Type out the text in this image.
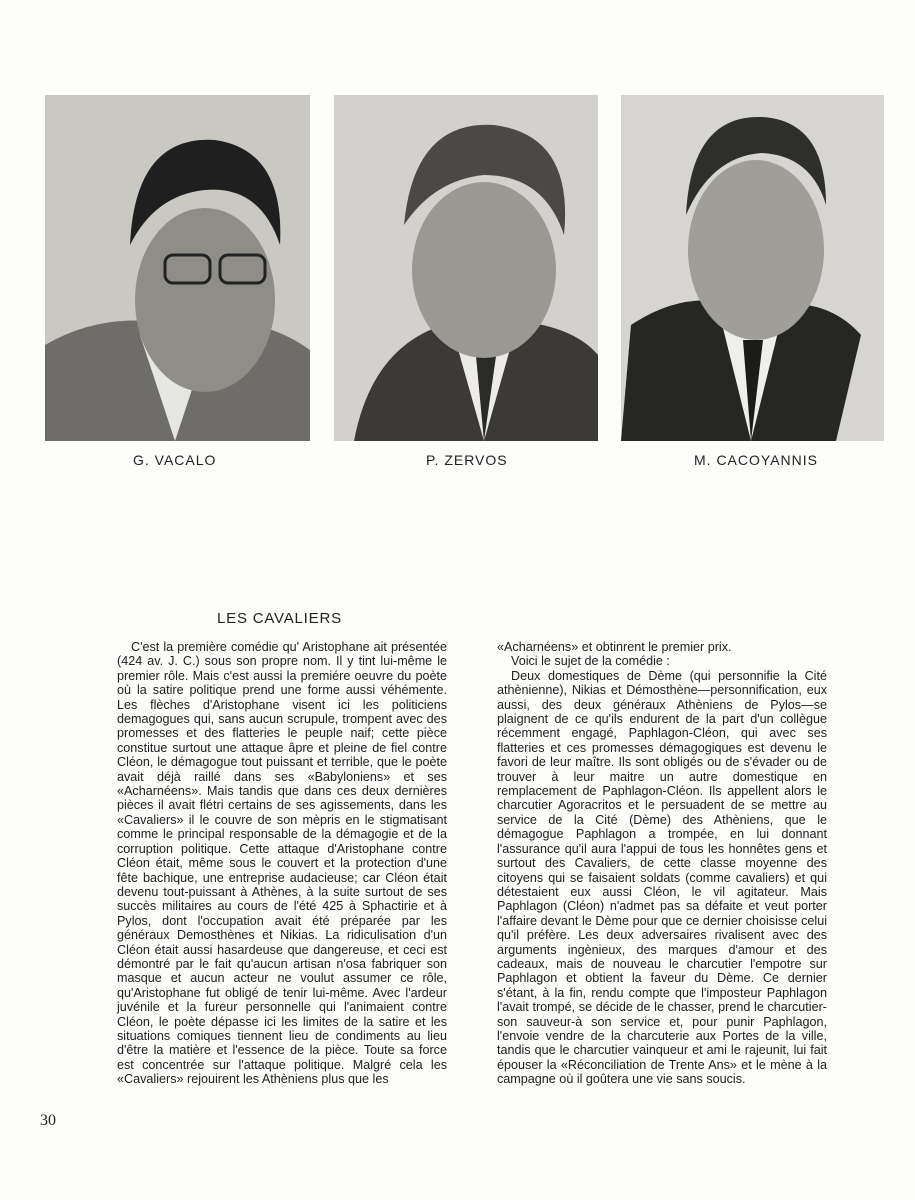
G. VACALO	P. ZERVOS	M. CACOYANNIS
LES CAVALIERS

C'est la première comédie qu' Aristophane ait présentée (424 av. J. C.) sous son propre nom. Il y tint lui-même le premier rôle. Mais c'est aussi la premiére oeuvre du poète où la satire politique prend une forme aussi véhémente. Les flèches d'Aristophane visent ici les politiciens demagogues qui, sans aucun scrupule, trompent avec des promesses et des flatteries le peuple naif; cette pièce constitue surtout une attaque âpre et pleine de fiel contre Cléon, le démagogue tout puissant et terrible, que le poète avait déjà raillé dans ses «Babyloniens» et ses «Acharnéens». Mais tandis que dans ces deux dernières pièces il avait flétri certains de ses agissements, dans les «Cavaliers» il le couvre de son mèpris en le stigmatisant comme le principal responsable de la démagogie et de la corruption politique. Cette attaque d'Aristophane contre Cléon était, même sous le couvert et la protection d'une fête bachique, une entreprise audacieuse; car Cléon était devenu tout-puissant à Athènes, à la suite surtout de ses succès militaires au cours de l'été 425 à Sphactirie et à Pylos, dont l'occupation avait été préparée par les généraux Demosthènes et Nikias. La ridiculisation d'un Cléon était aussi hasardeuse que dangereuse, et ceci est démontré par le fait qu'aucun artisan n'osa fabriquer son masque et aucun acteur ne voulut assumer ce rôle, qu'Aristophane fut obligé de tenir lui-même. Avec l'ardeur juvénile et la fureur personnelle qui l'animaient contre Cléon, le poète dépasse ici les limites de la satire et les situations comiques tiennent lieu de condiments au lieu d'être la matière et l'essence de la pièce. Toute sa force est concentrée sur l'attaque politique. Malgré cela les «Cavaliers» rejouirent les Athèniens plus que les

«Acharnéens» et obtinrent le premier prix.

Voici le sujet de la comédie :

Deux domestiques de Dème (qui personnifie la Cité athènienne), Nikias et Démosthène—personnification, eux aussi, des deux généraux Athèniens de Pylos—se plaignent de ce qu'ils endurent de la part d'un collègue récemment engagé, Paphlagon-Cléon, qui avec ses flatteries et ces promesses démagogiques est devenu le favori de leur maître. Ils sont obligés ou de s'évader ou de trouver à leur maitre un autre domestique en remplacement de Paphlagon-Cléon. Ils appellent alors le charcutier Agoracritos et le persuadent de se mettre au service de la Cité (Dème) des Athèniens, que le démagogue Paphlagon a trompée, en lui donnant l'assurance qu'il aura l'appui de tous les honnêtes gens et surtout des Cavaliers, de cette classe moyenne des citoyens qui se faisaient soldats (comme cavaliers) et qui détestaient eux aussi Cléon, le vil agitateur. Mais Paphlagon (Cléon) n'admet pas sa défaite et veut porter l'affaire devant le Dème pour que ce dernier choisisse celui qu'il préfère. Les deux adversaires rivalisent avec des arguments ingènieux, des marques d'amour et des cadeaux, mais de nouveau le charcutier l'empotre sur Paphlagon et obtient la faveur du Dème. Ce dernier s'étant, à la fin, rendu compte que l'imposteur Paphlagon l'avait trompé, se décide de le chasser, prend le charcutier-son sauveur-à son service et, pour punir Paphlagon, l'envoie vendre de la charcuterie aux Portes de la ville, tandis que le charcutier vainqueur et ami le rajeunit, lui fait épouser la «Réconciliation de Trente Ans» et le mène à la campagne où il goûtera une vie sans soucis.

30
